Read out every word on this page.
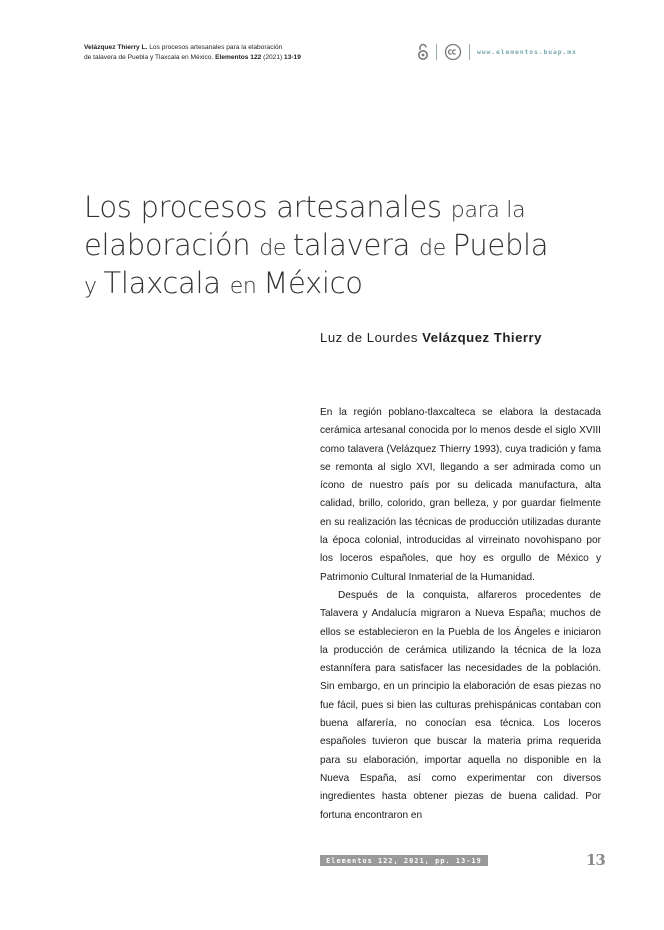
Velázquez Thierry L. Los procesos artesanales para la elaboración
de talavera de Puebla y Tlaxcala en México. Elementos 122 (2021) 13-19
www.elementos.buap.mx
Los procesos artesanales para la
elaboración de talavera de Puebla
y Tlaxcala en México
Luz de Lourdes Velázquez Thierry

En la región poblano-tlaxcalteca se elabora la destacada cerámica artesanal conocida por lo menos desde el siglo XVIII como talavera (Velázquez Thierry 1993), cuya tradición y fama se remonta al siglo XVI, llegando a ser admirada como un ícono de nuestro país por su delicada manufactura, alta calidad, brillo, colorido, gran belleza, y por guardar fielmente en su realización las técnicas de producción utilizadas durante la época colonial, introducidas al virreinato novohispano por los loceros españoles, que hoy es orgullo de México y Patrimonio Cultural Inmaterial de la Humanidad.

Después de la conquista, alfareros procedentes de Talavera y Andalucía migraron a Nueva España; muchos de ellos se establecieron en la Puebla de los Ángeles e iniciaron la producción de cerámica utilizando la técnica de la loza estannífera para satisfacer las necesidades de la población. Sin embargo, en un principio la elaboración de esas piezas no fue fácil, pues si bien las culturas prehispánicas contaban con buena alfarería, no conocían esa técnica. Los loceros españoles tuvieron que buscar la materia prima requerida para su elaboración, importar aquella no disponible en la Nueva España, así como experimentar con diversos ingredientes hasta obtener piezas de buena calidad. Por fortuna encontraron en

Elementos 122, 2021, pp. 13-19	13
